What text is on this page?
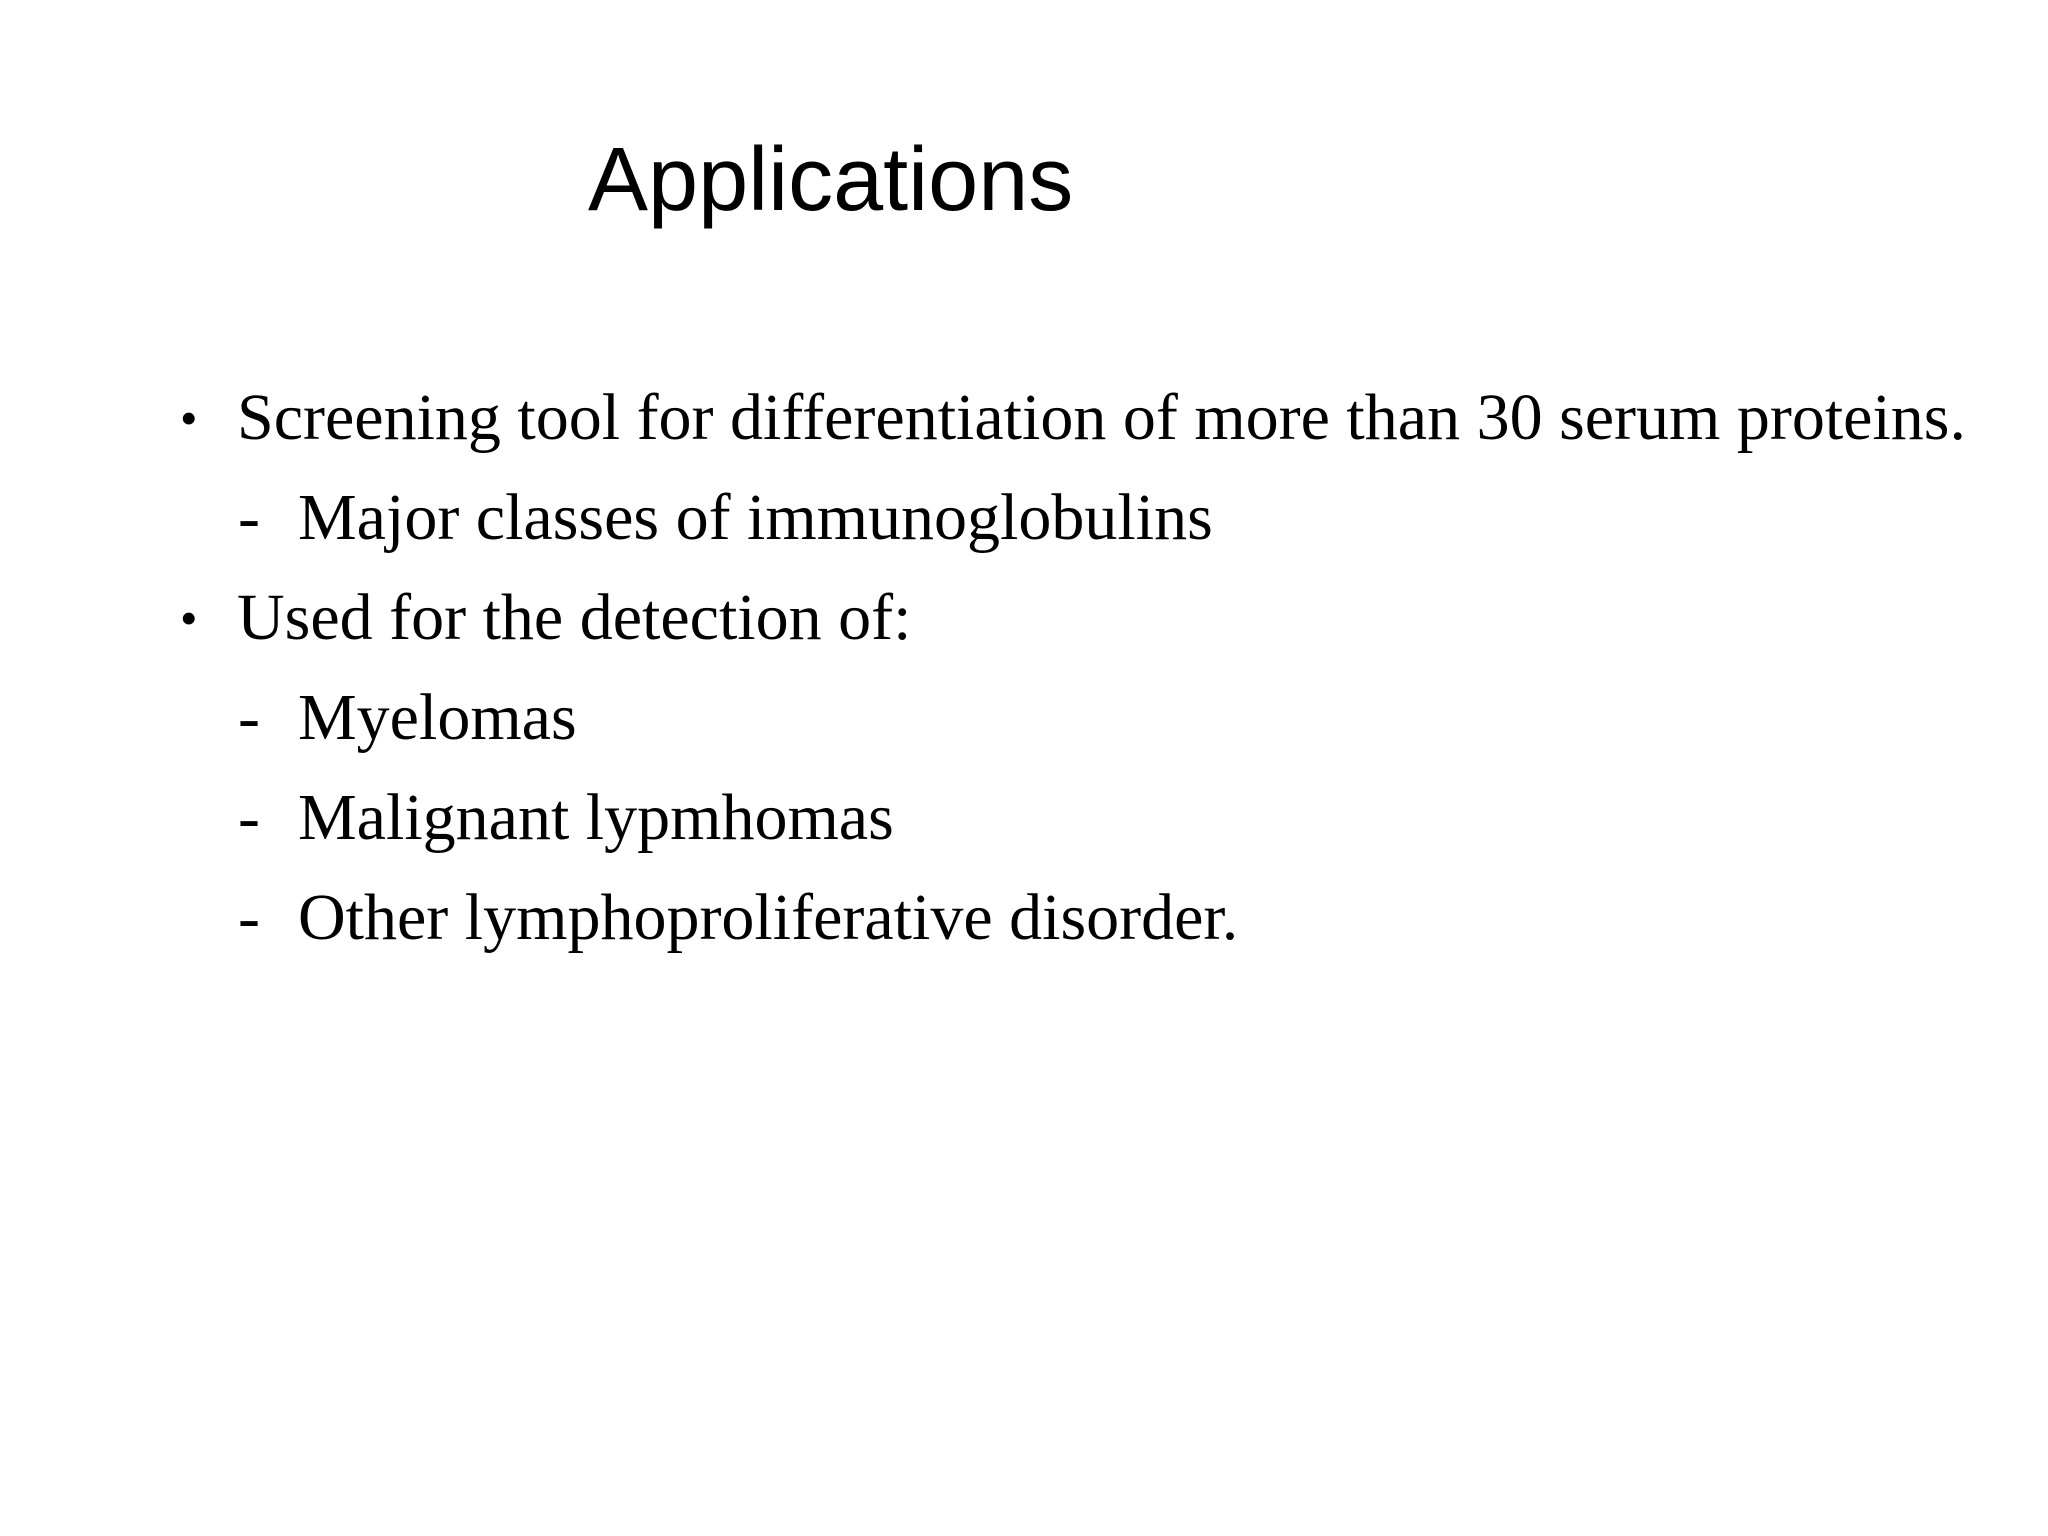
Applications
• Screening tool for differentiation of more than 30 serum proteins.
- Major classes of immunoglobulins
• Used for the detection of:
- Myelomas
- Malignant lypmhomas
- Other lymphoproliferative disorder.
